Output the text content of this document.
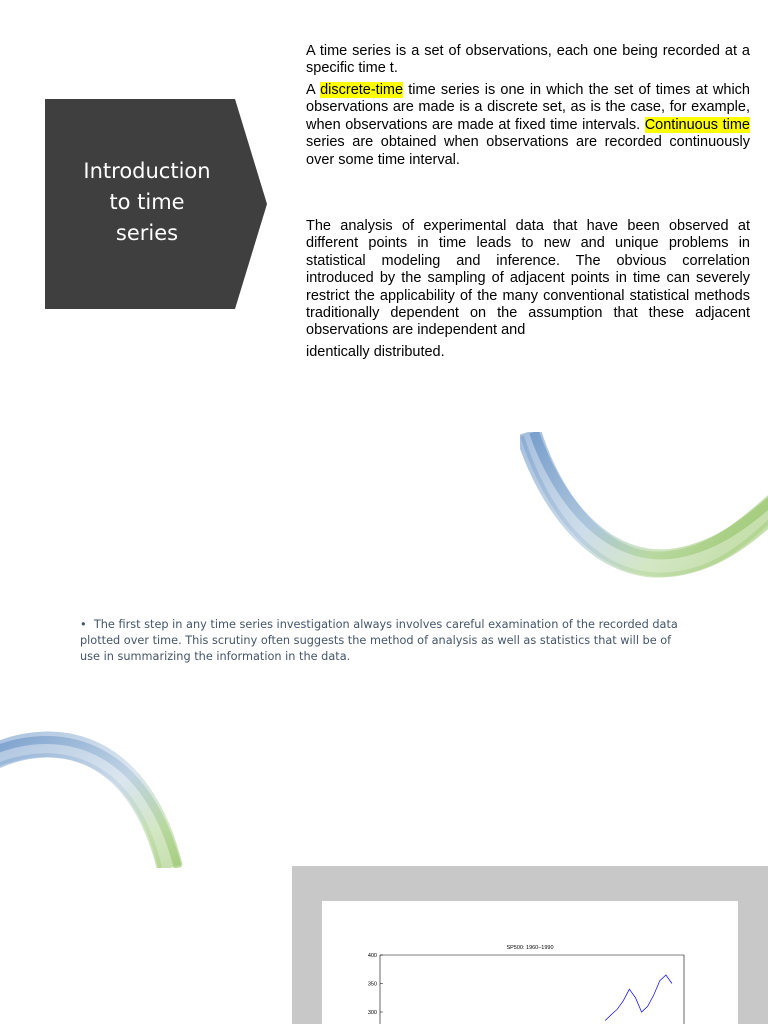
Introduction
to time
series
A time series is a set of observations, each one being recorded at a specific time t.
A discrete-time time series is one in which the set of times at which observations are made is a discrete set, as is the case, for example, when observations are made at fixed time intervals. Continuous time series are obtained when observations are recorded continuously over some time interval.
The analysis of experimental data that have been observed at different points in time leads to new and unique problems in statistical modeling and inference. The obvious correlation introduced by the sampling of adjacent points in time can severely restrict the applicability of the many conventional statistical methods traditionally dependent on the assumption that these adjacent observations are independent and
identically distributed.
• The first step in any time series investigation always involves careful examination of the recorded data plotted over time. This scrutiny often suggests the method of analysis as well as statistics that will be of use in summarizing the information in the data.
SP500: 1960–1990
400
350
300
